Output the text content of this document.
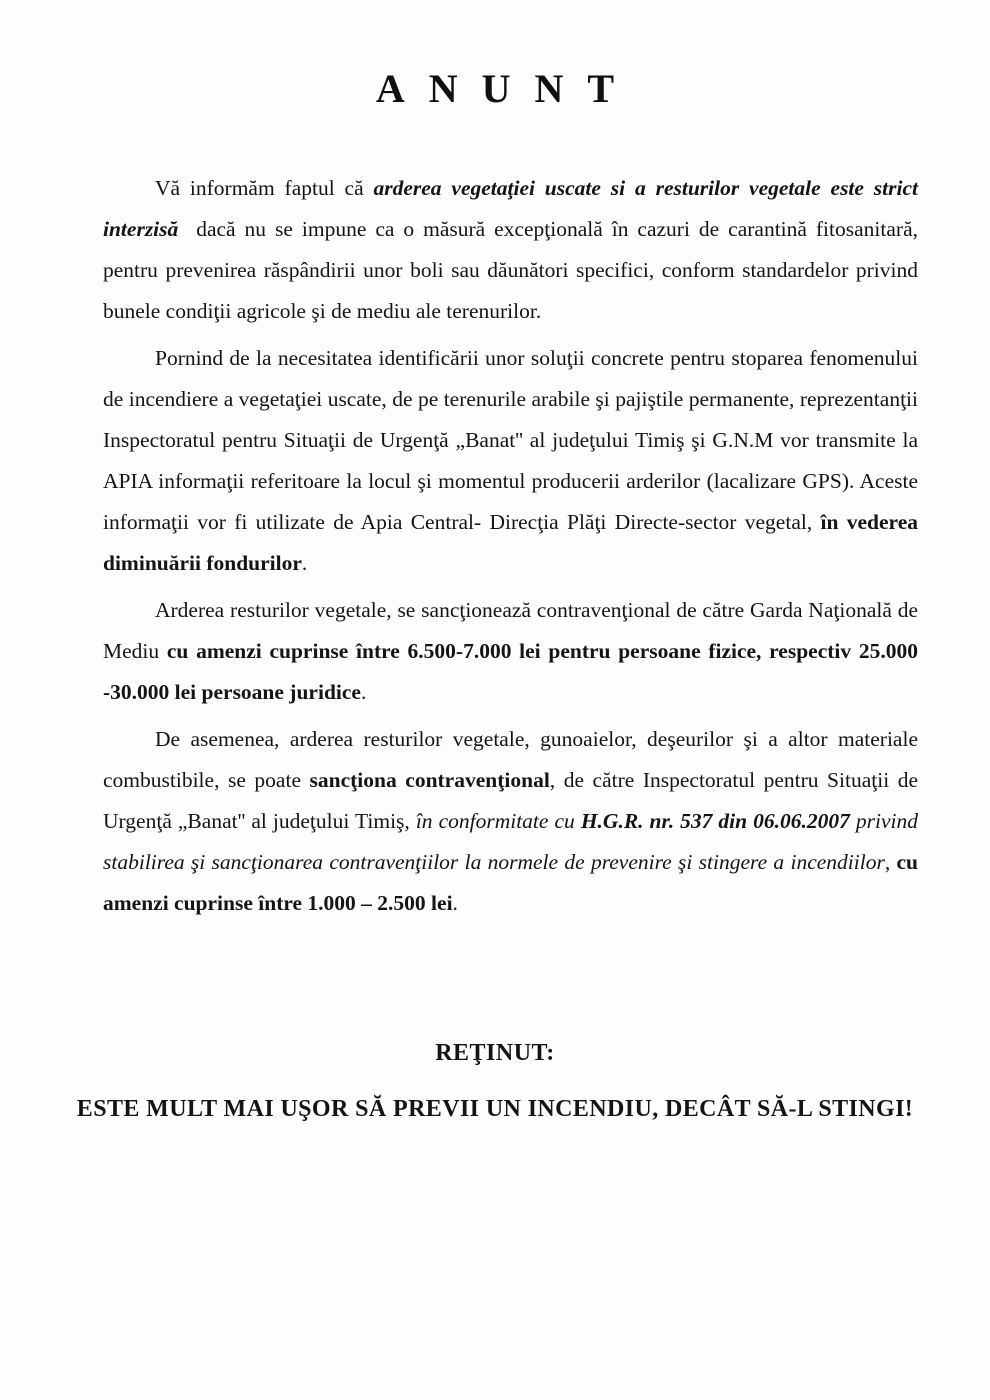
ANUNT

Vă informăm faptul că arderea vegetaţiei uscate si a resturilor vegetale este strict interzisă  dacă nu se impune ca o măsură excepţională în cazuri de carantină fitosanitară, pentru prevenirea răspândirii unor boli sau dăunători specifici, conform standardelor privind bunele condiţii agricole şi de mediu ale terenurilor.

Pornind de la necesitatea identificării unor soluţii concrete pentru stoparea fenomenului de incendiere a vegetaţiei uscate, de pe terenurile arabile şi pajiştile permanente, reprezentanţii Inspectoratul pentru Situaţii de Urgenţă „Banat'' al judeţului Timiş şi G.N.M vor transmite la APIA informaţii referitoare la locul şi momentul producerii arderilor (lacalizare GPS). Aceste informaţii vor fi utilizate de Apia Central- Direcţia Plăţi Directe-sector vegetal, în vederea diminuării fondurilor.

Arderea resturilor vegetale, se sancţionează contravenţional de către Garda Naţională de Mediu cu amenzi cuprinse între 6.500-7.000 lei pentru persoane fizice, respectiv 25.000 -30.000 lei persoane juridice.

De asemenea, arderea resturilor vegetale, gunoaielor, deşeurilor şi a altor materiale combustibile, se poate sancţiona contravenţional, de către Inspectoratul pentru Situaţii de Urgenţă „Banat'' al judeţului Timiş, în conformitate cu H.G.R. nr. 537 din 06.06.2007 privind stabilirea şi sancţionarea contravenţiilor la normele de prevenire şi stingere a incendiilor, cu amenzi cuprinse între 1.000 – 2.500 lei.

REŢINUT:

ESTE MULT MAI UŞOR SĂ PREVII UN INCENDIU, DECÂT SĂ-L STINGI!
